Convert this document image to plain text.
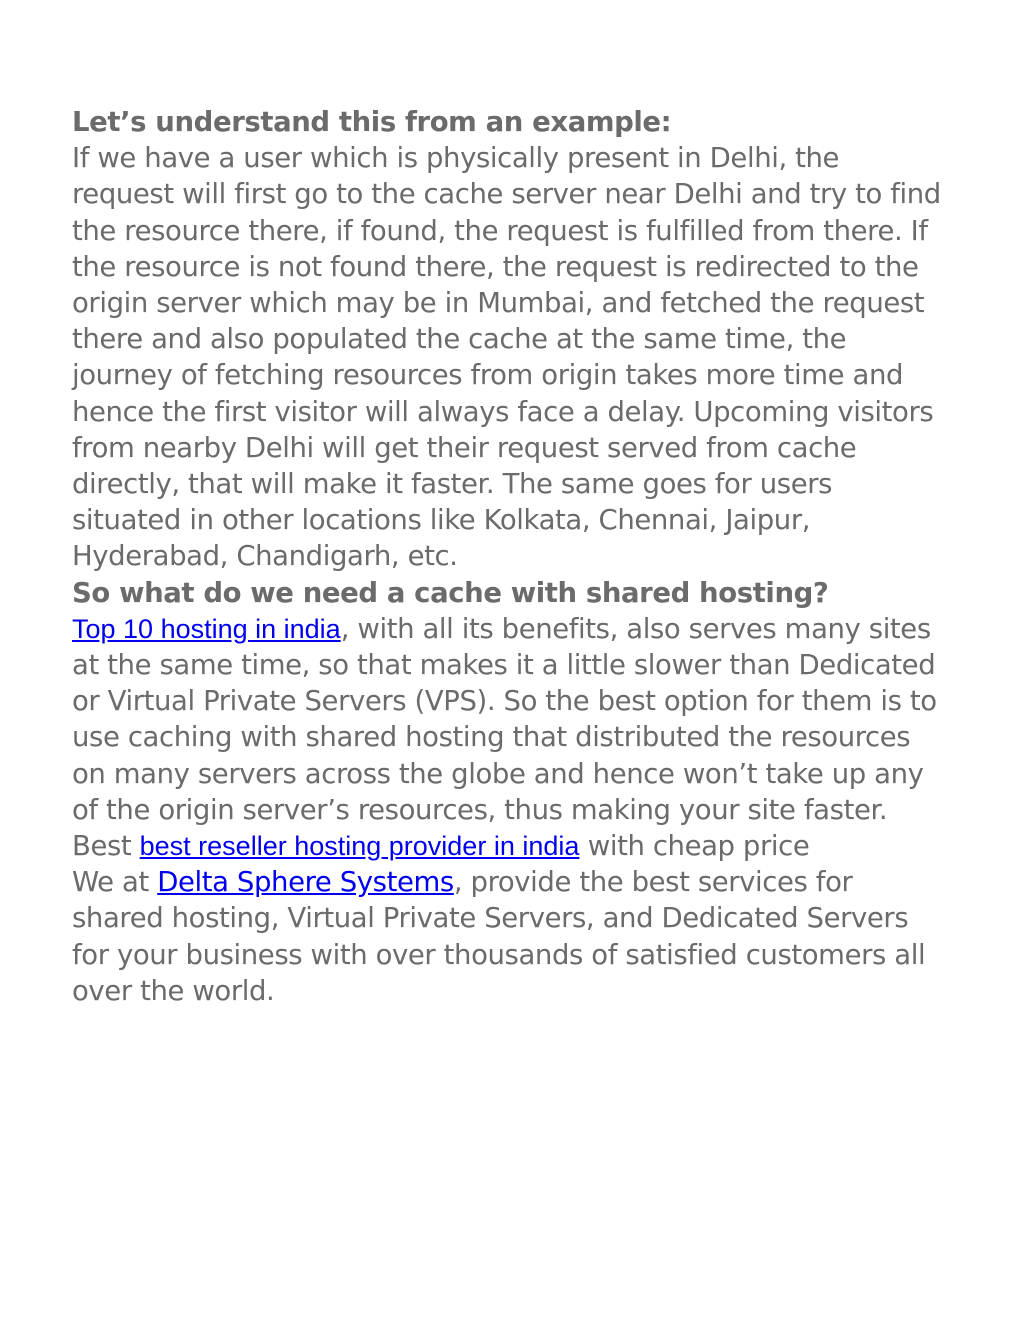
Let’s understand this from an example:

If we have a user which is physically present in Delhi, the request will first go to the cache server near Delhi and try to find the resource there, if found, the request is fulfilled from there. If the resource is not found there, the request is redirected to the origin server which may be in Mumbai, and fetched the request there and also populated the cache at the same time, the journey of fetching resources from origin takes more time and hence the first visitor will always face a delay. Upcoming visitors from nearby Delhi will get their request served from cache directly, that will make it faster. The same goes for users situated in other locations like Kolkata, Chennai, Jaipur, Hyderabad, Chandigarh, etc.

So what do we need a cache with shared hosting?

Top 10 hosting in india, with all its benefits, also serves many sites at the same time, so that makes it a little slower than Dedicated or Virtual Private Servers (VPS). So the best option for them is to use caching with shared hosting that distributed the resources on many servers across the globe and hence won’t take up any of the origin server’s resources, thus making your site faster. Best best reseller hosting provider in india with cheap price

We at Delta Sphere Systems, provide the best services for shared hosting, Virtual Private Servers, and Dedicated Servers for your business with over thousands of satisfied customers all over the world.
